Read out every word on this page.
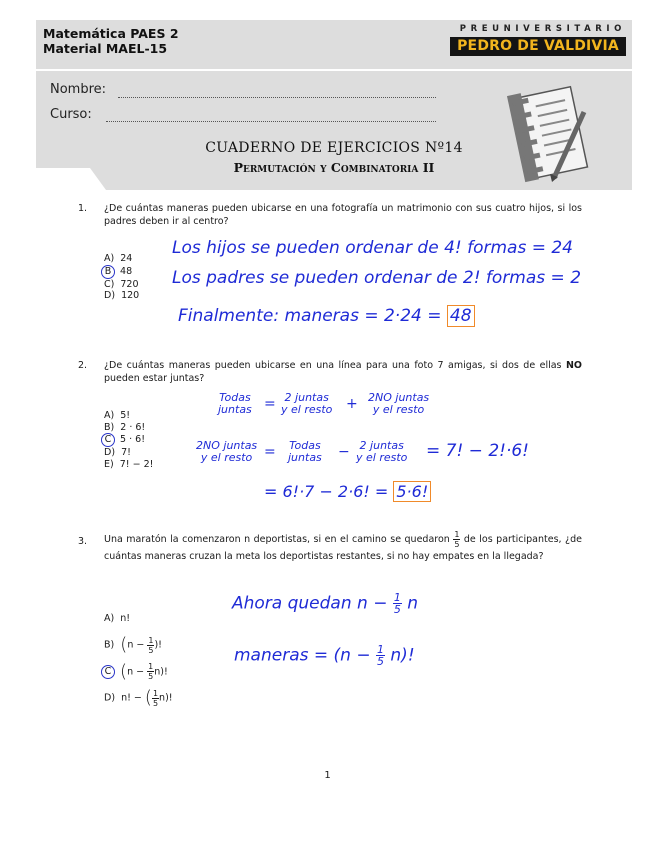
Matemática PAES 2
Material MAEL-15
PREUNIVERSITARIO
PEDRO DE VALDIVIA
Nombre:
Curso:
CUADERNO DE EJERCICIOS Nº14
Permutación y Combinatoria II
1. ¿De cuántas maneras pueden ubicarse en una fotografía un matrimonio con sus cuatro hijos, si los padres deben ir al centro?
A) 24
B 48
C) 720
D) 120
Los hijos se pueden ordenar de 4! formas = 24
Los padres se pueden ordenar de 2! formas = 2
Finalmente: maneras = 2·24 = 48
2. ¿De cuántas maneras pueden ubicarse en una línea para una foto 7 amigas, si dos de ellas NO pueden estar juntas?
A) 5!
B) 2 · 6!
C 5 · 6!
D) 7!
E) 7! − 2!
Todas
juntas = 2 juntas
y el resto + 2NO juntas
y el resto
2NO juntas
y el resto = Todas
juntas − 2 juntas
y el resto = 7! − 2!·6!
= 6!·7 − 2·6! = 5·6!
3. Una maratón la comenzaron n deportistas, si en el camino se quedaron $\frac{1}{5}$ de los participantes, ¿de cuántas maneras cruzan la meta los deportistas restantes, si no hay empates en la llegada?
A) n!
B) ($n - \frac{1}{5}$ )!
C $(n - \frac{1}{5} n)$!
D) n! − ( $\frac{1}{5} n$)!
Ahora quedan $n - \frac{1}{5}$ n
maneras = $(n - \frac{1}{5} n)$!
1
